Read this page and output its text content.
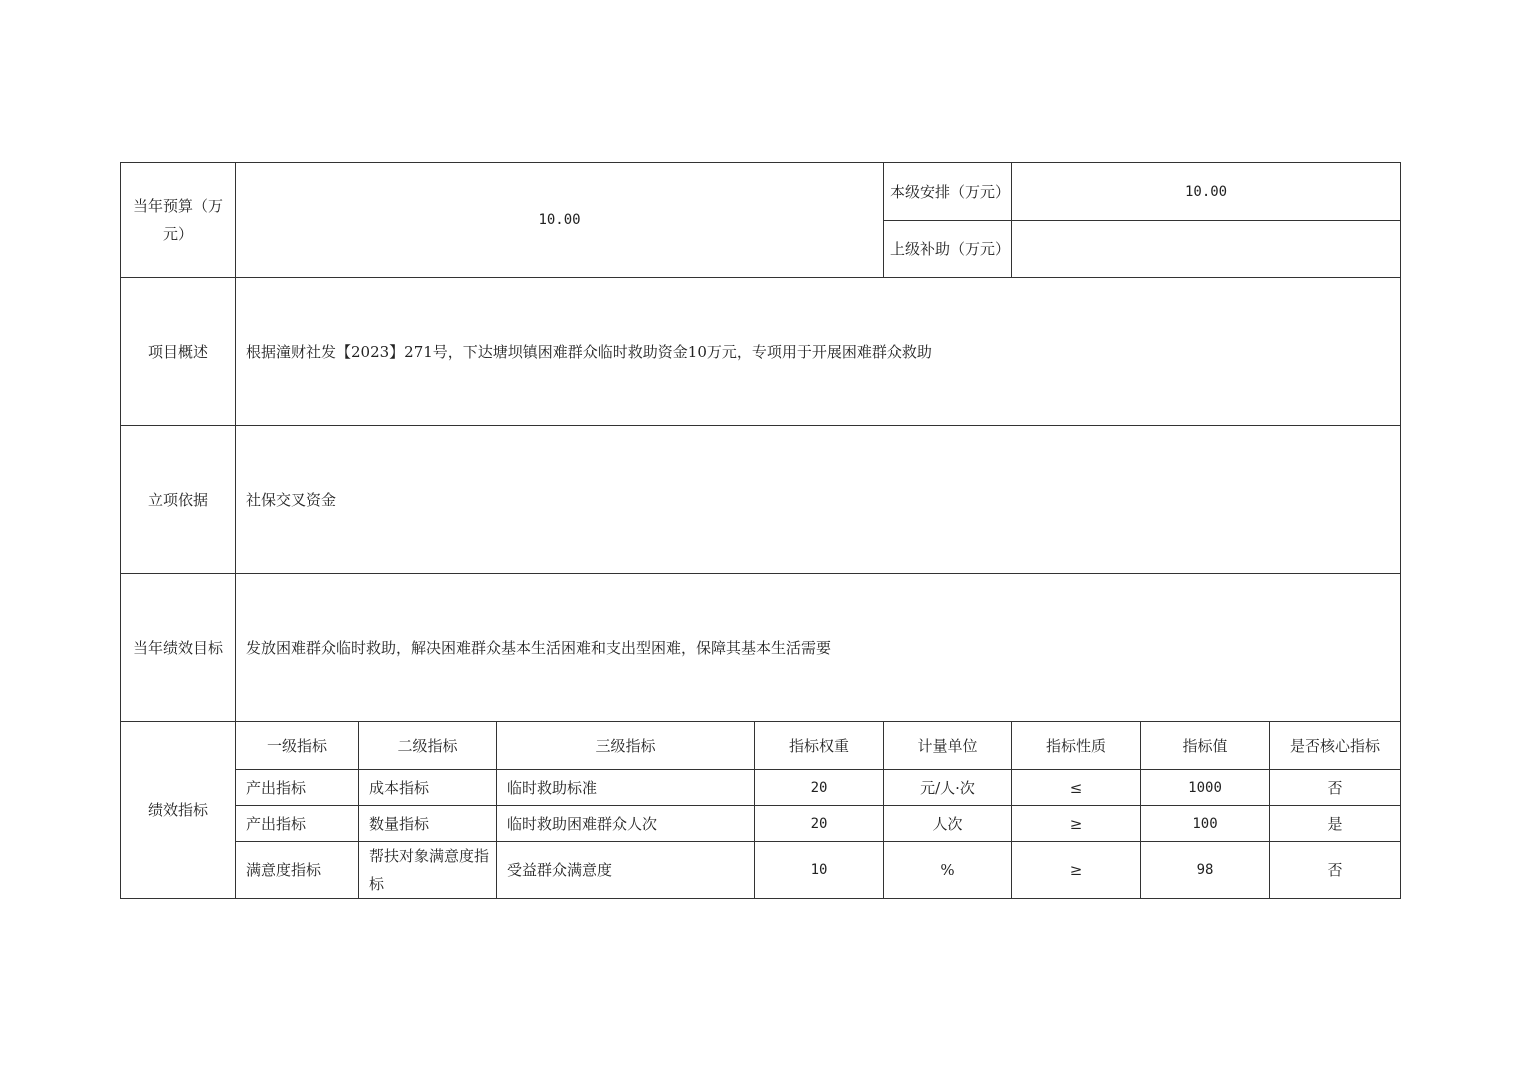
当年预算（万元）	10.00				本级安排（万元）	10.00		
					上级补助（万元）			
项目概述	根据潼财社发【2023】271号，下达塘坝镇困难群众临时救助资金10万元，专项用于开展困难群众救助							
立项依据	社保交叉资金							
当年绩效目标	发放困难群众临时救助，解决困难群众基本生活困难和支出型困难，保障其基本生活需要							
绩效指标	一级指标	二级指标	三级指标	指标权重	计量单位	指标性质	指标值	是否核心指标
	产出指标	成本指标	临时救助标准	20	元/人·次	≤	1000	否
	产出指标	数量指标	临时救助困难群众人次	20	人次	≥	100	是
	满意度指标	帮扶对象满意度指标	受益群众满意度	10	%	≥	98	否
